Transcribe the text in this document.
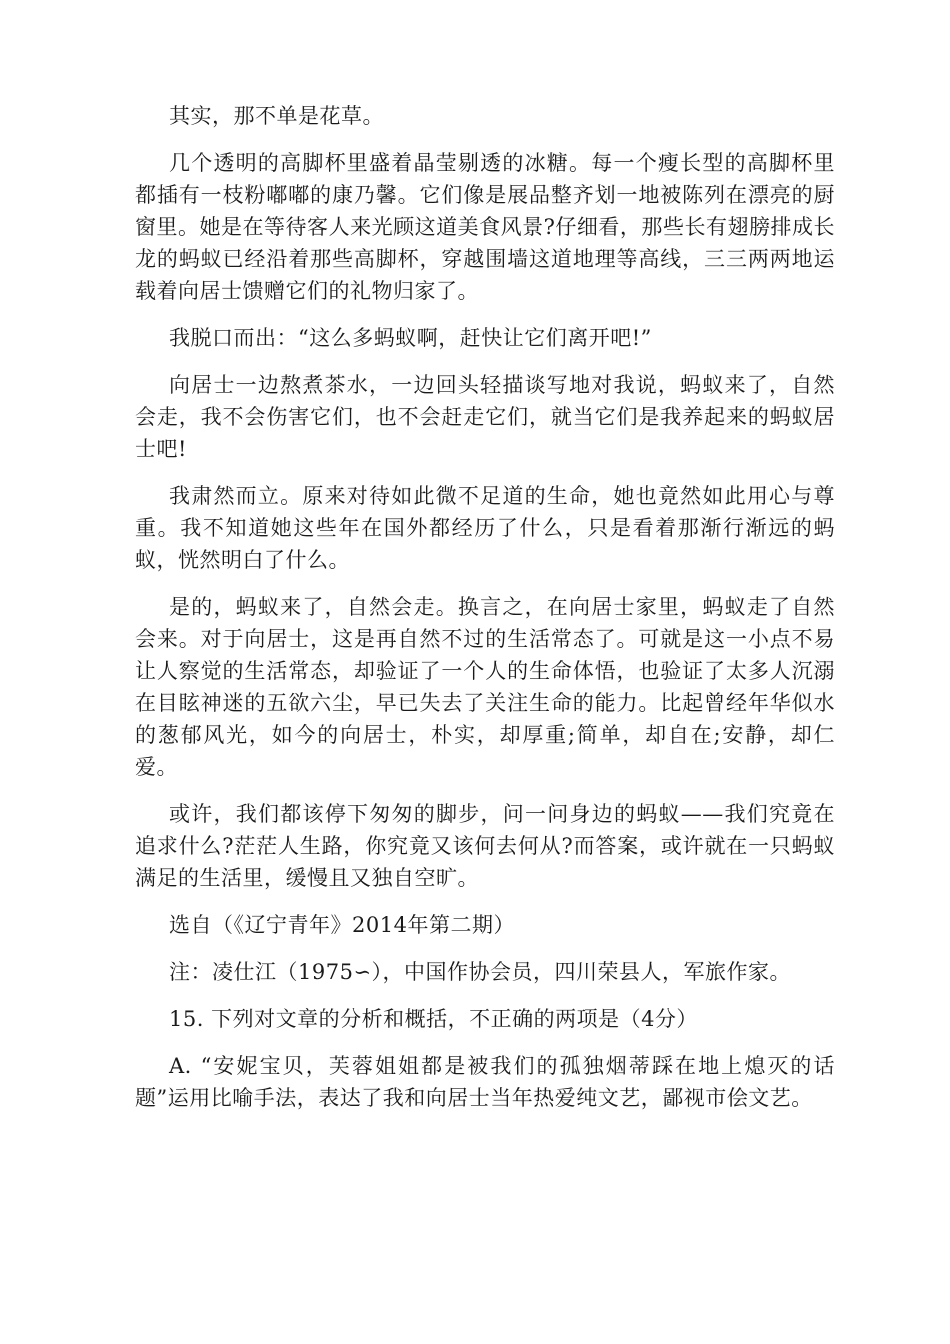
其实，那不单是花草。

几个透明的高脚杯里盛着晶莹剔透的冰糖。每一个瘦长型的高脚杯里都插有一枝粉嘟嘟的康乃馨。它们像是展品整齐划一地被陈列在漂亮的厨窗里。她是在等待客人来光顾这道美食风景?仔细看，那些长有翅膀排成长龙的蚂蚁已经沿着那些高脚杯，穿越围墙这道地理等高线，三三两两地运载着向居士馈赠它们的礼物归家了。

我脱口而出：“这么多蚂蚁啊，赶快让它们离开吧!”

向居士一边熬煮茶水，一边回头轻描谈写地对我说，蚂蚁来了，自然会走，我不会伤害它们，也不会赶走它们，就当它们是我养起来的蚂蚁居士吧!

我肃然而立。原来对待如此微不足道的生命，她也竟然如此用心与尊重。我不知道她这些年在国外都经历了什么，只是看着那渐行渐远的蚂蚁，恍然明白了什么。

是的，蚂蚁来了，自然会走。换言之，在向居士家里，蚂蚁走了自然会来。对于向居士，这是再自然不过的生活常态了。可就是这一小点不易让人察觉的生活常态，却验证了一个人的生命体悟，也验证了太多人沉溺在目眩神迷的五欲六尘，早已失去了关注生命的能力。比起曾经年华似水的葱郁风光，如今的向居士，朴实，却厚重;简单，却自在;安静，却仁爱。

或许，我们都该停下匆匆的脚步，问一问身边的蚂蚁——我们究竟在追求什么?茫茫人生路，你究竟又该何去何从?而答案，或许就在一只蚂蚁满足的生活里，缓慢且又独自空旷。

选自（《辽宁青年》2014年第二期）

注：凌仕江（1975∽），中国作协会员，四川荣县人，军旅作家。

15. 下列对文章的分析和概括，不正确的两项是（4分）

A. “安妮宝贝，芙蓉姐姐都是被我们的孤独烟蒂踩在地上熄灭的话题”运用比喻手法，表达了我和向居士当年热爱纯文艺，鄙视市侩文艺。
